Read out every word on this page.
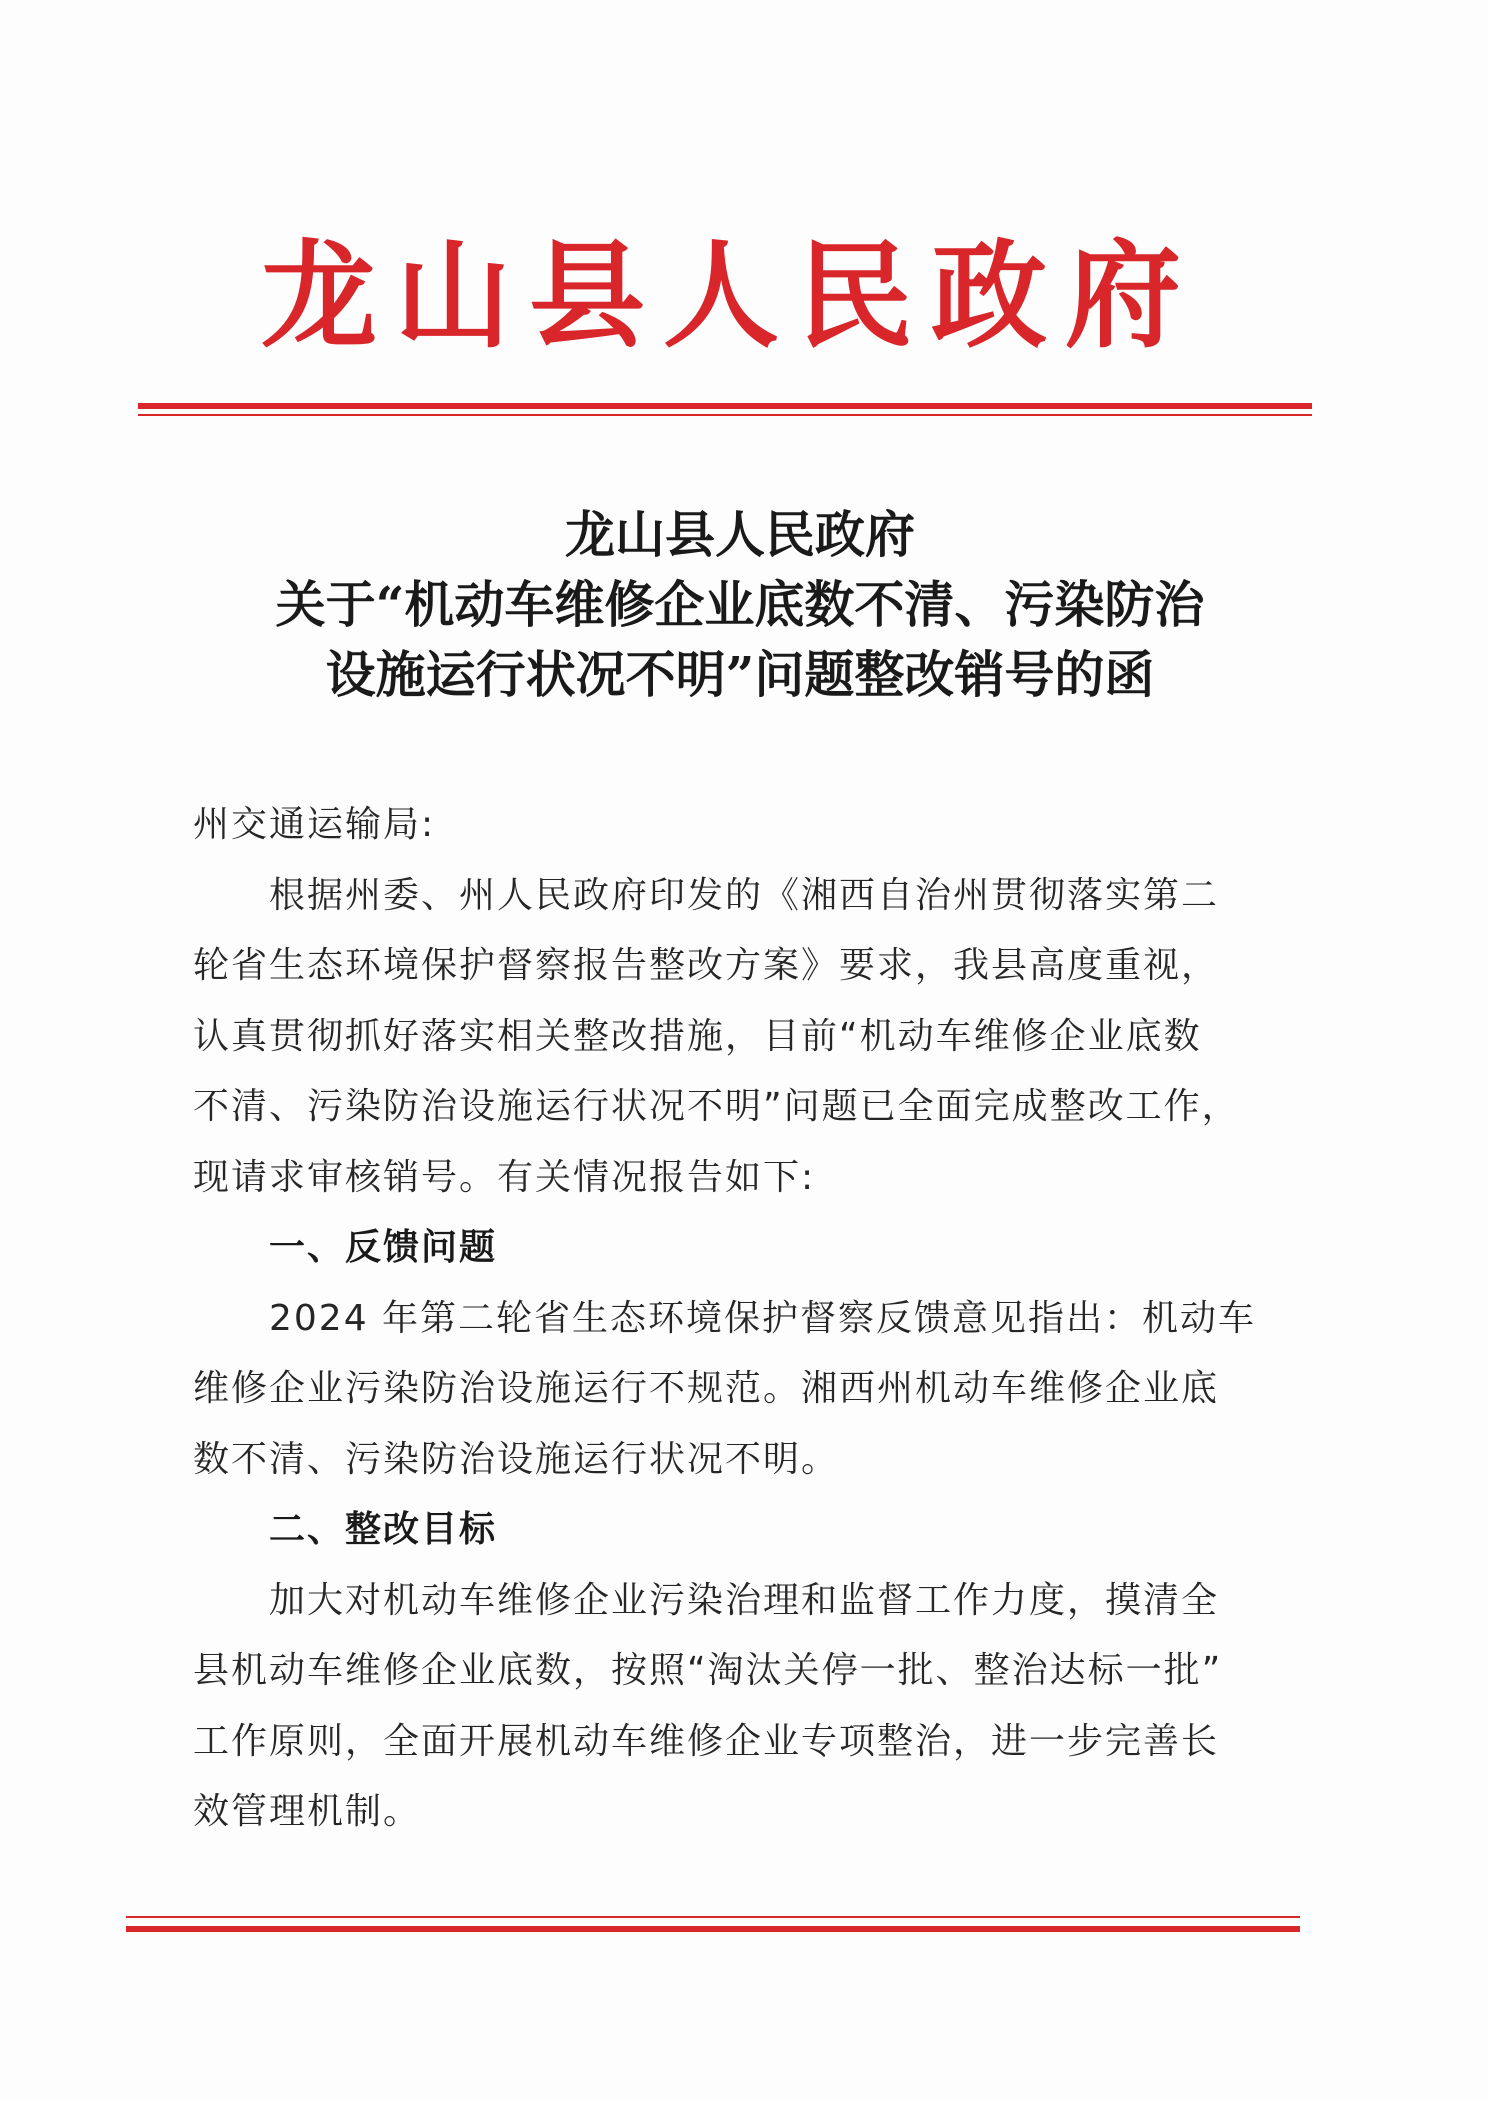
龙山县人民政府
龙山县人民政府
关于“机动车维修企业底数不清、污染防治
设施运行状况不明”问题整改销号的函
州交通运输局:
根据州委、州人民政府印发的《湘西自治州贯彻落实第二
轮省生态环境保护督察报告整改方案》要求，我县高度重视，
认真贯彻抓好落实相关整改措施，目前“机动车维修企业底数
不清、污染防治设施运行状况不明”问题已全面完成整改工作，
现请求审核销号。有关情况报告如下:
一、反馈问题
2024 年第二轮省生态环境保护督察反馈意见指出：机动车
维修企业污染防治设施运行不规范。湘西州机动车维修企业底
数不清、污染防治设施运行状况不明。
二、整改目标
加大对机动车维修企业污染治理和监督工作力度，摸清全
县机动车维修企业底数，按照“淘汰关停一批、整治达标一批”
工作原则，全面开展机动车维修企业专项整治，进一步完善长
效管理机制。
